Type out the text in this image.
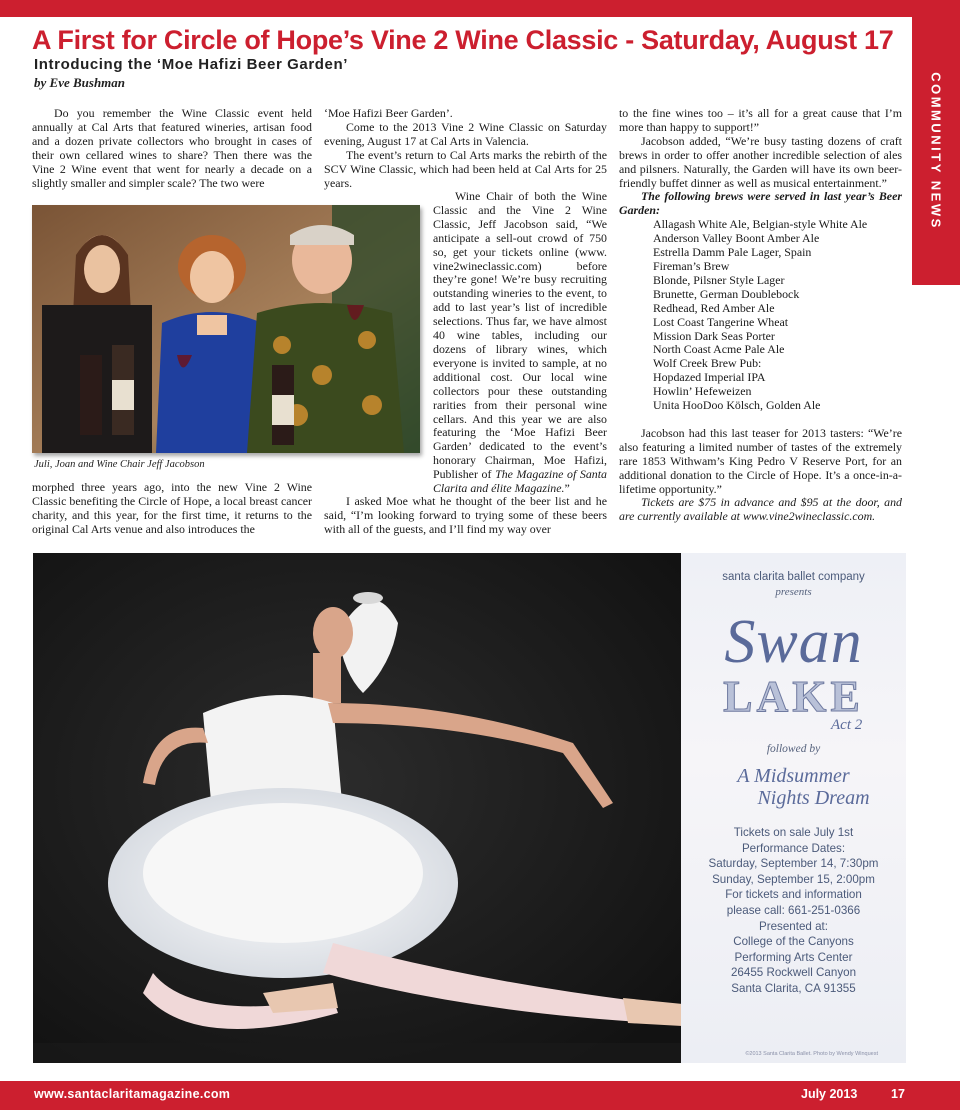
COMMUNITY NEWS
A First for Circle of Hope’s Vine 2 Wine Classic - Saturday, August 17
Introducing the ‘Moe Hafizi Beer Garden’
by Eve Bushman

Do you remember the Wine Classic event held annually at Cal Arts that featured wineries, artisan food and a dozen private collectors who brought in cases of their own cellared wines to share? Then there was the Vine 2 Wine event that went for nearly a decade on a slightly smaller and simpler scale? The two were

Wine Chair of both the Wine Classic and the Vine 2 Wine Classic, Jeff Jacobson said, “We anticipate a sell-out crowd of 750 so, get your tickets online (www. vine2wineclassic.com) before they’re gone! We’re busy recruiting outstanding wineries to the event, to add to last year’s list of incredible selections. Thus far, we have almost 40 wine tables, including our dozens of library wines, which everyone is invited to sample, at no additional cost. Our local wine collectors pour these outstanding rarities from their personal wine cellars. And this year we are also featuring the ‘Moe Hafizi Beer Garden’ dedicated to the event’s honorary Chairman, Moe Hafizi, Publisher of The Magazine of Santa Clarita and élite Magazine.”

Juli, Joan and Wine Chair Jeff Jacobson

morphed three years ago, into the new Vine 2 Wine Classic benefiting the Circle of Hope, a local breast cancer charity, and this year, for the first time, it returns to the original Cal Arts venue and also introduces the

‘Moe Hafizi Beer Garden’.

Come to the 2013 Vine 2 Wine Classic on Saturday evening, August 17 at Cal Arts in Valencia.

The event’s return to Cal Arts marks the rebirth of the SCV Wine Classic, which had been held at Cal Arts for 25 years.

I asked Moe what he thought of the beer list and he said, “I’m looking forward to trying some of these beers with all of the guests, and I’ll find my way over

to the fine wines too – it’s all for a great cause that I’m more than happy to support!”

Jacobson added, “We’re busy tasting dozens of craft brews in order to offer another incredible selection of ales and pilsners. Naturally, the Garden will have its own beer-friendly buffet dinner as well as musical entertainment.”

The following brews were served in last year’s Beer Garden:

Allagash White Ale, Belgian-style White Ale
Anderson Valley Boont Amber Ale
Estrella Damm Pale Lager, Spain
Fireman’s Brew
Blonde, Pilsner Style Lager
Brunette, German Doublebock
Redhead, Red Amber Ale
Lost Coast Tangerine Wheat
Mission Dark Seas Porter
North Coast Acme Pale Ale
Wolf Creek Brew Pub:
Hopdazed Imperial IPA
Howlin’ Hefeweizen
Unita HooDoo Kölsch, Golden Ale

Jacobson had this last teaser for 2013 tasters: “We’re also featuring a limited number of tastes of the extremely rare 1853 Withwam’s King Pedro V Reserve Port, for an additional donation to the Circle of Hope. It’s a once-in-a-lifetime opportunity.”

Tickets are $75 in advance and $95 at the door, and are currently available at www.vine2wineclassic.com.

santa clarita ballet company
presents
Swan
LAKE
Act 2
followed by
A Midsummer
Nights Dream
Tickets on sale July 1st
Performance Dates:
Saturday, September 14, 7:30pm
Sunday, September 15, 2:00pm
For tickets and information
please call: 661-251-0366
Presented at:
College of the Canyons
Performing Arts Center
26455 Rockwell Canyon
Santa Clarita, CA 91355
©2013 Santa Clarita Ballet. Photo by Wendy Winquest
www.santaclaritamagazine.com	July 2013	17
